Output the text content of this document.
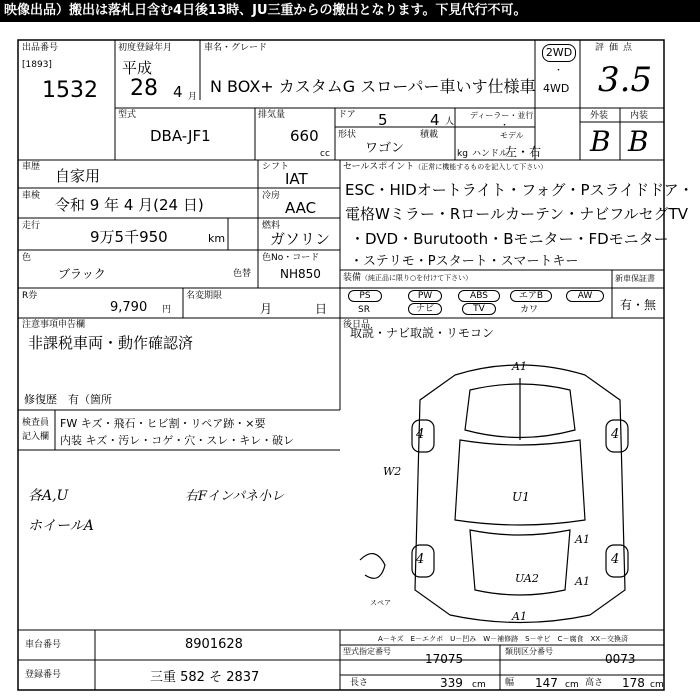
映像出品）搬出は落札日含む4日後13時、JU三重からの搬出となります。下見代行不可。
出品番号
[1893]
1532
初度登録年月
平成
28 4 月
車名・グレード
N BOX+ カスタムG スローパー車いす仕様車
2WD
・
4WD
評価点
3.5
型式
DBA-JF1
排気量
660
cc
ドア 5	4 人
ディーラー・並行
・
モデル
形状
ワゴン
積載
kg ハンドル
左・右
外装 内装
B B
車歴 自家用	シフト
IAT
車検 令和 9 年 4 月(24 日)	冷房
AAC
走行
9万5千950	km
燃料
ガソリン
色
ブラック	色替
色No・コード
NH850
セールスポイント（正常に機能するものを記入して下さい）
ESC・HIDオートライト・フォグ・Pスライドドア・
電格Wミラー・Rロールカーテン・ナビフルセグTV
・DVD・Burutooth・Bモニター・FDモニター
・ステリモ・Pスタート・スマートキー
装備（純正品に限り○を付けて下さい）
PS	PW	ABS	エアB	AW
SR	ナビ	TV	カワ
新車保証書
有・無
R券
9,790 円
名変期限
月	日
注意事項申告欄
非課税車両・動作確認済
修復歴　 有（箇所
後日品
取説・ナビ取説・リモコン
検査員
記入欄
FW キズ・飛石・ヒビ割・リペア跡・×要
内装 キズ・汚レ・コゲ・穴・スレ・キレ・破レ
各A,U
ホイールA
右Fインパネ小レ
A1
U1
A1
A1
UA2
A1
W2
4	4
4	4
スペア
A－キズ　E－エクボ　U－凹み　W－補修跡　S－サビ　C－腐食　XX－交換済
車台番号	8901628
登録番号	三重 582 そ 2837
型式指定番号
17075
類別区分番号
0073
長さ	339 cm 幅 147 cm 高さ 178 cm
